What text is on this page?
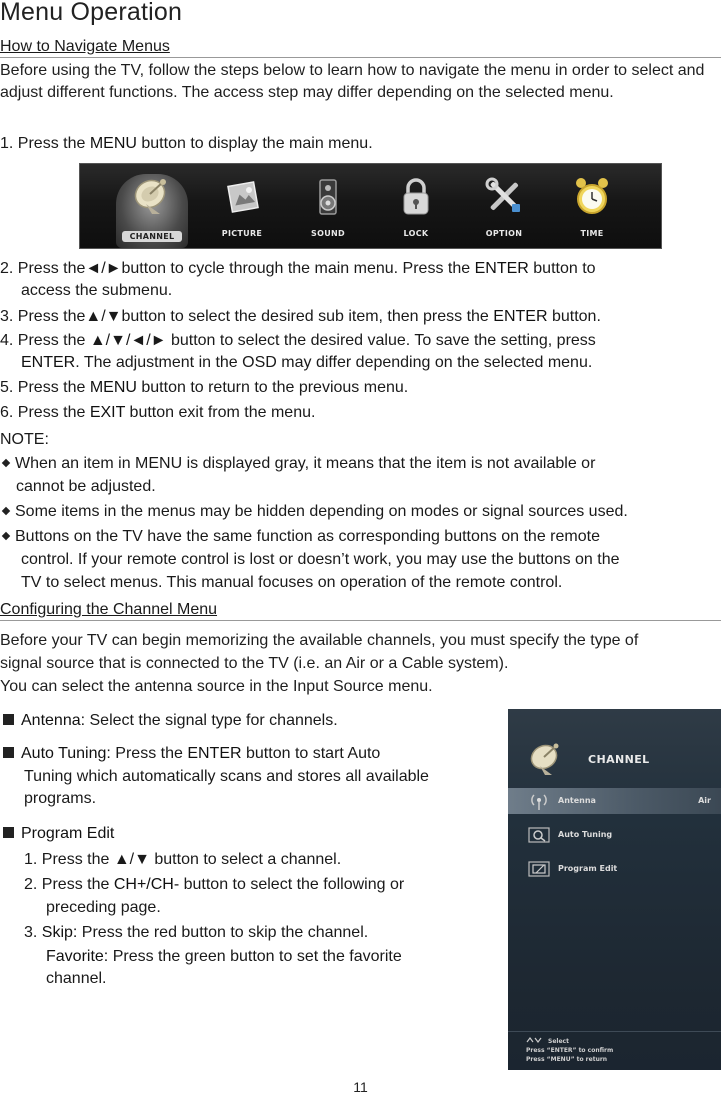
Menu Operation
How to Navigate Menus
Before using the TV, follow the steps below to learn how to navigate the menu in order to select and adjust different functions. The access step may differ depending on the selected menu.
1. Press the MENU button to display the main menu.
CHANNEL	PICTURE	SOUND	LOCK	OPTION	TIME
2. Press the◄/►button to cycle through the main menu. Press the ENTER button to
access the submenu.
3. Press the▲/▼button to select the desired sub item, then press the ENTER button.
4. Press the ▲/▼/◄/► button to select the desired value. To save the setting, press
ENTER. The adjustment in the OSD may differ depending on the selected menu.
5. Press the MENU button to return to the previous menu.
6. Press the EXIT button exit from the menu.
NOTE:
When an item in MENU is displayed gray, it means that the item is not available or
cannot be adjusted.
Some items in the menus may be hidden depending on modes or signal sources used.
Buttons on the TV have the same function as corresponding buttons on the remote
control. If your remote control is lost or doesn’t work, you may use the buttons on the
TV to select menus. This manual focuses on operation of the remote control.
Configuring the Channel Menu
Before your TV can begin memorizing the available channels, you must specify the type of
signal source that is connected to the TV (i.e. an Air or a Cable system).
You can select the antenna source in the Input Source menu.
Antenna: Select the signal type for channels.
Auto Tuning: Press the ENTER button to start Auto
Tuning which automatically scans and stores all available
programs.
Program Edit
1. Press the ▲/▼ button to select a channel.
2. Press the CH+/CH- button to select the following or
preceding page.
3. Skip: Press the red button to skip the channel.
Favorite: Press the green button to set the favorite
channel.
CHANNEL
Antenna	Air
Auto Tuning
Program Edit
Select
Press “ENTER” to confirm
Press “MENU” to return
11
